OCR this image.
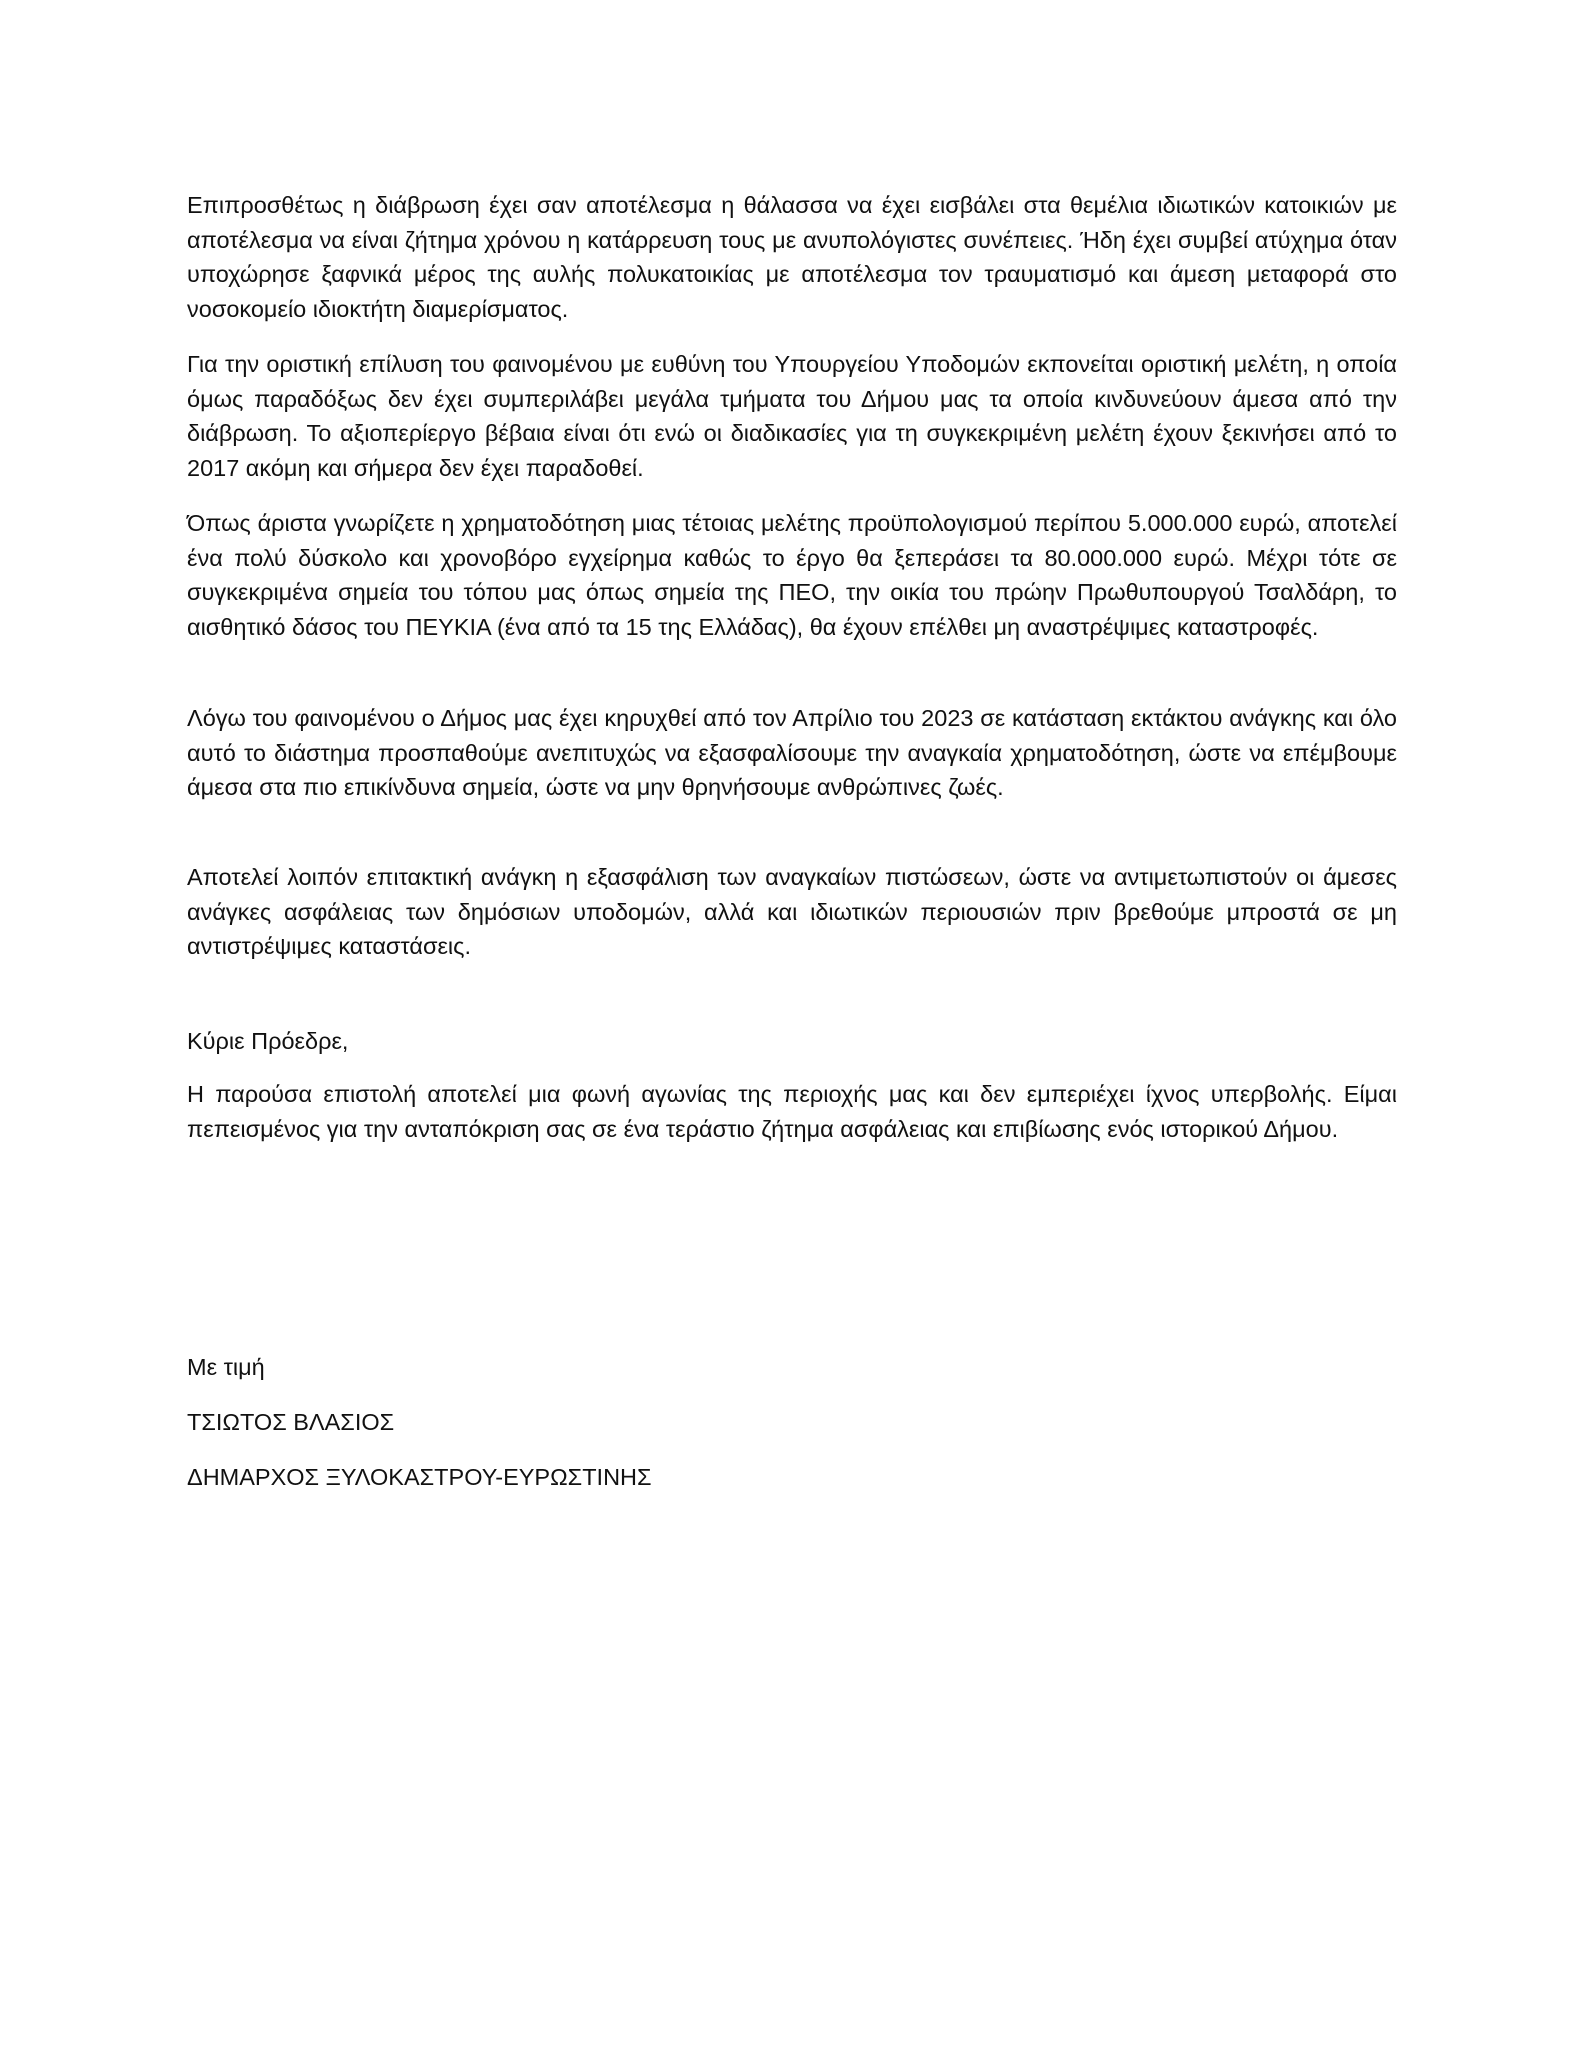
Επιπροσθέτως η διάβρωση έχει σαν αποτέλεσμα η θάλασσα να έχει εισβάλει στα θεμέλια ιδιωτικών κατοικιών με αποτέλεσμα να είναι ζήτημα χρόνου η κατάρρευση τους με ανυπολόγιστες συνέπειες. Ήδη έχει συμβεί ατύχημα όταν υποχώρησε ξαφνικά μέρος της αυλής πολυκατοικίας με αποτέλεσμα τον τραυματισμό και άμεση μεταφορά στο νοσοκομείο ιδιοκτήτη διαμερίσματος.

Για την οριστική επίλυση του φαινομένου με ευθύνη του Υπουργείου Υποδομών εκπονείται οριστική μελέτη, η οποία όμως παραδόξως δεν έχει συμπεριλάβει μεγάλα τμήματα του Δήμου μας τα οποία κινδυνεύουν άμεσα από την διάβρωση. Το αξιοπερίεργο βέβαια είναι ότι ενώ οι διαδικασίες για τη συγκεκριμένη μελέτη έχουν ξεκινήσει από το 2017 ακόμη και σήμερα δεν έχει παραδοθεί.

Όπως άριστα γνωρίζετε η χρηματοδότηση μιας τέτοιας μελέτης προϋπολογισμού περίπου 5.000.000 ευρώ, αποτελεί ένα πολύ δύσκολο και χρονοβόρο εγχείρημα καθώς το έργο θα ξεπεράσει τα 80.000.000 ευρώ. Μέχρι τότε σε συγκεκριμένα σημεία του τόπου μας όπως σημεία της ΠΕΟ, την οικία του πρώην Πρωθυπουργού Τσαλδάρη, το αισθητικό δάσος του ΠΕΥΚΙΑ (ένα από τα 15 της Ελλάδας), θα έχουν επέλθει μη αναστρέψιμες καταστροφές.

Λόγω του φαινομένου ο Δήμος μας έχει κηρυχθεί από τον Απρίλιο του 2023 σε κατάσταση εκτάκτου ανάγκης και όλο αυτό το διάστημα προσπαθούμε ανεπιτυχώς να εξασφαλίσουμε την αναγκαία χρηματοδότηση, ώστε να επέμβουμε άμεσα στα πιο επικίνδυνα σημεία, ώστε να μην θρηνήσουμε ανθρώπινες ζωές.

Αποτελεί λοιπόν επιτακτική ανάγκη η εξασφάλιση των αναγκαίων πιστώσεων, ώστε να αντιμετωπιστούν οι άμεσες ανάγκες ασφάλειας των δημόσιων υποδομών, αλλά και ιδιωτικών περιουσιών πριν βρεθούμε μπροστά σε μη αντιστρέψιμες καταστάσεις.

Κύριε Πρόεδρε,

Η παρούσα επιστολή αποτελεί μια φωνή αγωνίας της περιοχής μας και δεν εμπεριέχει ίχνος υπερβολής. Είμαι πεπεισμένος για την ανταπόκριση σας σε ένα τεράστιο ζήτημα ασφάλειας και επιβίωσης ενός ιστορικού Δήμου.

Με τιμή

ΤΣΙΩΤΟΣ ΒΛΑΣΙΟΣ

ΔΗΜΑΡΧΟΣ ΞΥΛΟΚΑΣΤΡΟΥ-ΕΥΡΩΣΤΙΝΗΣ
